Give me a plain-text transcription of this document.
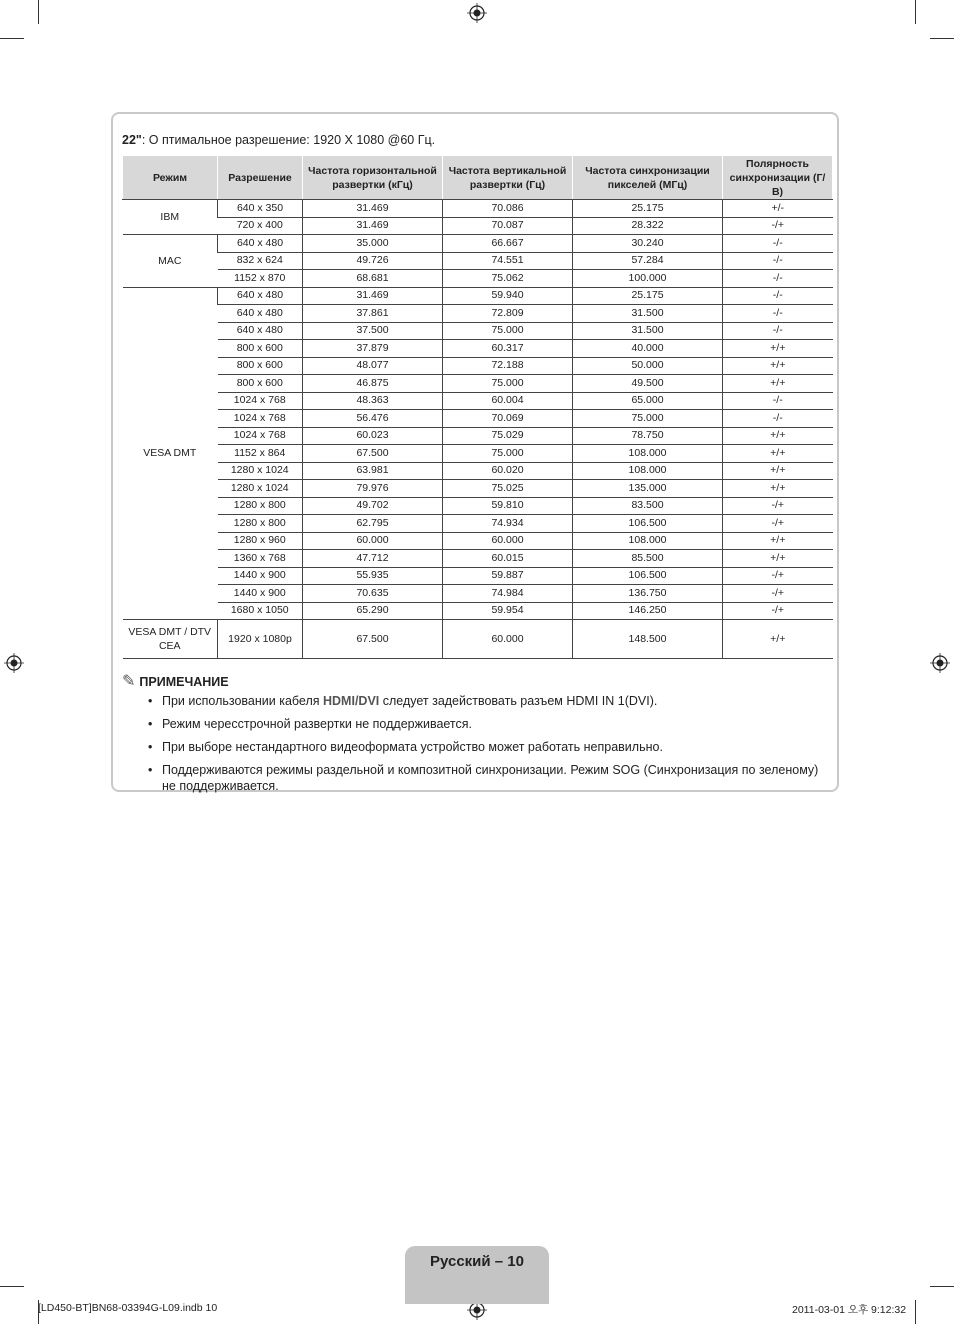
22": О птимальное разрешение: 1920 X 1080 @60 Гц.
Режим	Разрешение	Частота горизонтальной развертки (кГц)	Частота вертикальной развертки (Гц)	Частота синхронизации пикселей (МГц)	Полярность синхронизации (Г/В)
IBM	640 x 350	31.469	70.086	25.175	+/-
	720 x 400	31.469	70.087	28.322	-/+
MAC	640 x 480	35.000	66.667	30.240	-/-
	832 x 624	49.726	74.551	57.284	-/-
	1152 x 870	68.681	75.062	100.000	-/-
VESA DMT	640 x 480	31.469	59.940	25.175	-/-
	640 x 480	37.861	72.809	31.500	-/-
	640 x 480	37.500	75.000	31.500	-/-
	800 x 600	37.879	60.317	40.000	+/+
	800 x 600	48.077	72.188	50.000	+/+
	800 x 600	46.875	75.000	49.500	+/+
	1024 x 768	48.363	60.004	65.000	-/-
	1024 x 768	56.476	70.069	75.000	-/-
	1024 x 768	60.023	75.029	78.750	+/+
	1152 x 864	67.500	75.000	108.000	+/+
	1280 x 1024	63.981	60.020	108.000	+/+
	1280 x 1024	79.976	75.025	135.000	+/+
	1280 x 800	49.702	59.810	83.500	-/+
	1280 x 800	62.795	74.934	106.500	-/+
	1280 x 960	60.000	60.000	108.000	+/+
	1360 x 768	47.712	60.015	85.500	+/+
	1440 x 900	55.935	59.887	106.500	-/+
	1440 x 900	70.635	74.984	136.750	-/+
	1680 x 1050	65.290	59.954	146.250	-/+
VESA DMT / DTV CEA	1920 x 1080p	67.500	60.000	148.500	+/+
✎ ПРИМЕЧАНИЕ
• При использовании кабеля HDMI/DVI следует задействовать разъем HDMI IN 1(DVI).
• Режим чересстрочной развертки не поддерживается.
• При выборе нестандартного видеоформата устройство может работать неправильно.
• Поддерживаются режимы раздельной и композитной синхронизации. Режим SOG (Синхронизация по зеленому) не поддерживается.
Русский – 10
[LD450-BT]BN68-03394G-L09.indb 10	2011-03-01 오후 9:12:32
